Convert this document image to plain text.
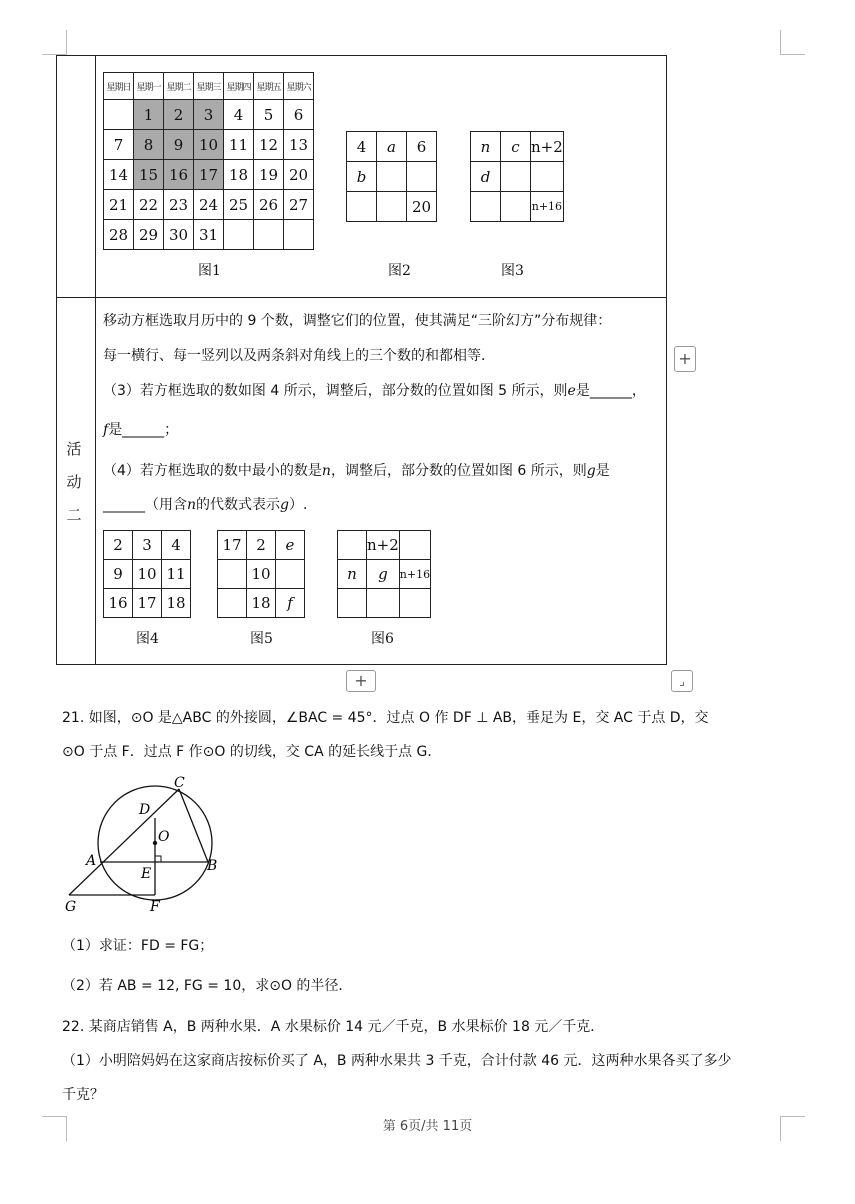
星期日	星期一	星期二	星期三	星期四	星期五	星期六
	1	2	3	4	5	6
7	8	9	10	11	12	13
14	15	16	17	18	19	20
21	22	23	24	25	26	27
28	29	30	31			
图1
4	a	6
b		
		20
图2
n	c	n+2
d		
		n+16
图3
活
动
二
移动方框选取月历中的 9 个数，调整它们的位置，使其满足“三阶幻方”分布规律：
每一横行、每一竖列以及两条斜对角线上的三个数的和都相等．
（3）若方框选取的数如图 4 所示，调整后，部分数的位置如图 5 所示，则e是______，
f是______；
（4）若方框选取的数中最小的数是n，调整后，部分数的位置如图 6 所示，则g是
______（用含n的代数式表示g）.
2	3	4
9	10	11
16	17	18
图4
17	2	e
	10	
	18	f
图5
	n+2	
n	g	n+16

图6
+
+	⌟
21. 如图，⊙O 是△ABC 的外接圆，∠BAC = 45°．过点 O 作 DF ⊥ AB，垂足为 E，交 AC 于点 D，交
⊙O 于点 F．过点 F 作⊙O 的切线，交 CA 的延长线于点 G．
C
D
O
A	B
E
G	F
（1）求证：FD = FG；
（2）若 AB = 12, FG = 10，求⊙O 的半径．
22. 某商店销售 A，B 两种水果．A 水果标价 14 元／千克，B 水果标价 18 元／千克．
（1）小明陪妈妈在这家商店按标价买了 A，B 两种水果共 3 千克，合计付款 46 元．这两种水果各买了多少
千克？
第 6页/共 11页
